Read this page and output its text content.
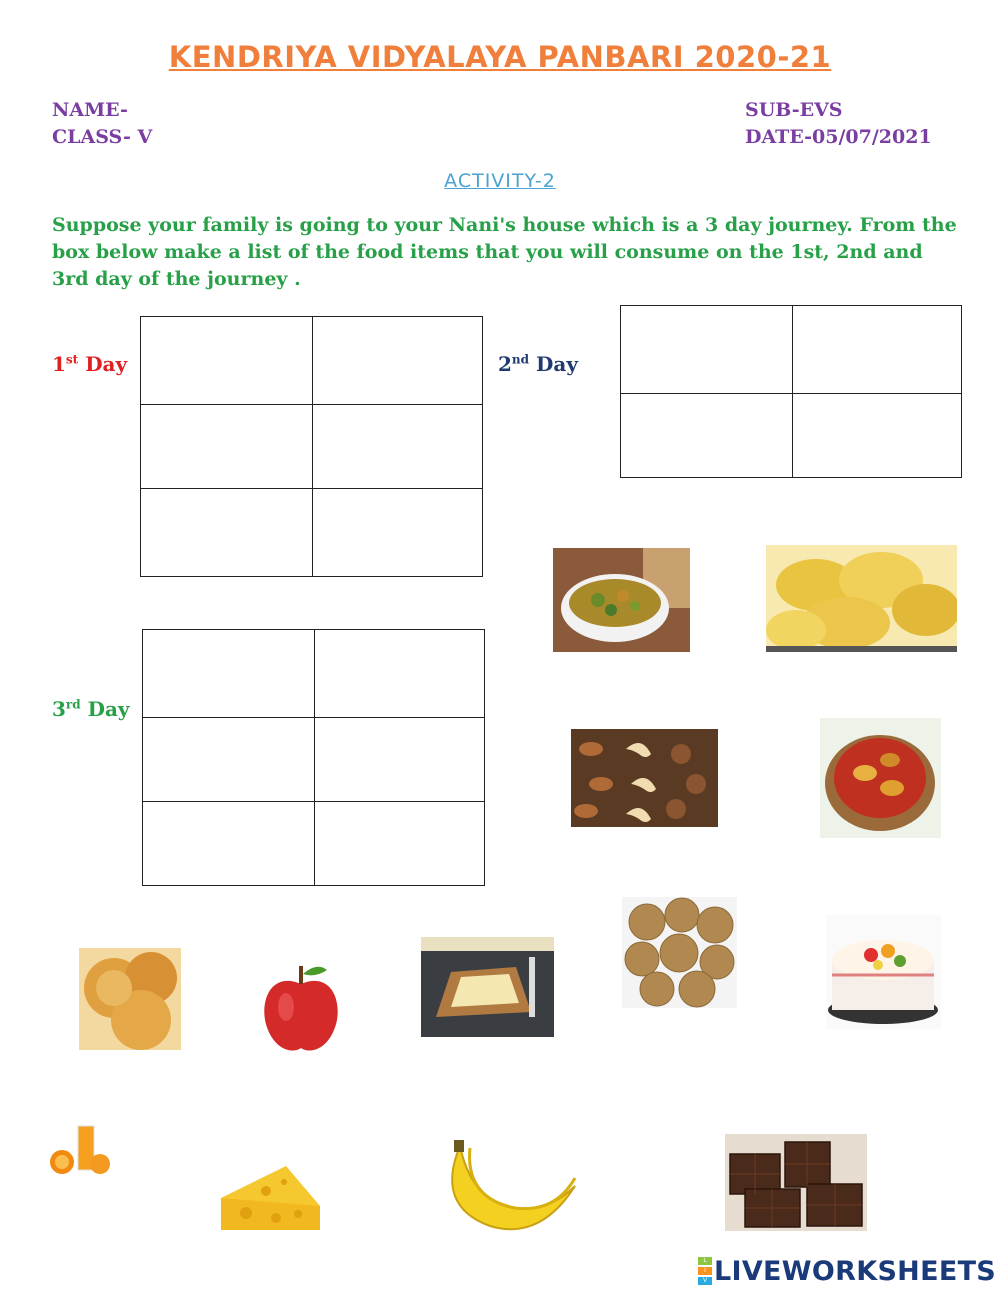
KENDRIYA VIDYALAYA PANBARI 2020-21
NAME-
CLASS- V
SUB-EVS
DATE-05/07/2021
ACTIVITY-2
Suppose your family is going to your Nani's house which is a 3 day journey. From the box below make a list of the food items that you will consume on the 1st, 2nd and 3rd day of the journey .
1st Day	2nd Day
3rd Day

L
I
V LIVEWORKSHEETS
